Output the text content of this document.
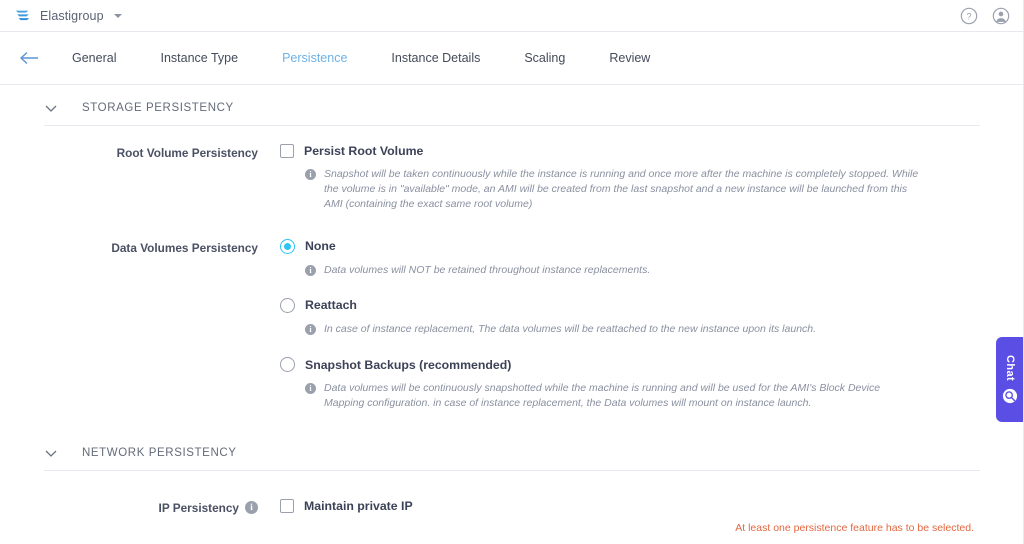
Elastigroup	?
General	Instance Type	Persistence	Instance Details	Scaling	Review
STORAGE PERSISTENCY
Root Volume Persistency	Persist Root Volume
i	Snapshot will be taken continuously while the instance is running and once more after the machine is completely stopped. While the volume is in "available" mode, an AMI will be created from the last snapshot and a new instance will be launched from this AMI (containing the exact same root volume)
Data Volumes Persistency	None
i	Data volumes will NOT be retained throughout instance replacements.
Reattach
i	In case of instance replacement, The data volumes will be reattached to the new instance upon its launch.
Snapshot Backups (recommended)
i	Data volumes will be continuously snapshotted while the machine is running and will be used for the AMI's Block Device Mapping configuration. in case of instance replacement, the Data volumes will mount on instance launch.
NETWORK PERSISTENCY
IP Persistency	i	Maintain private IP
At least one persistence feature has to be selected.
Chat
